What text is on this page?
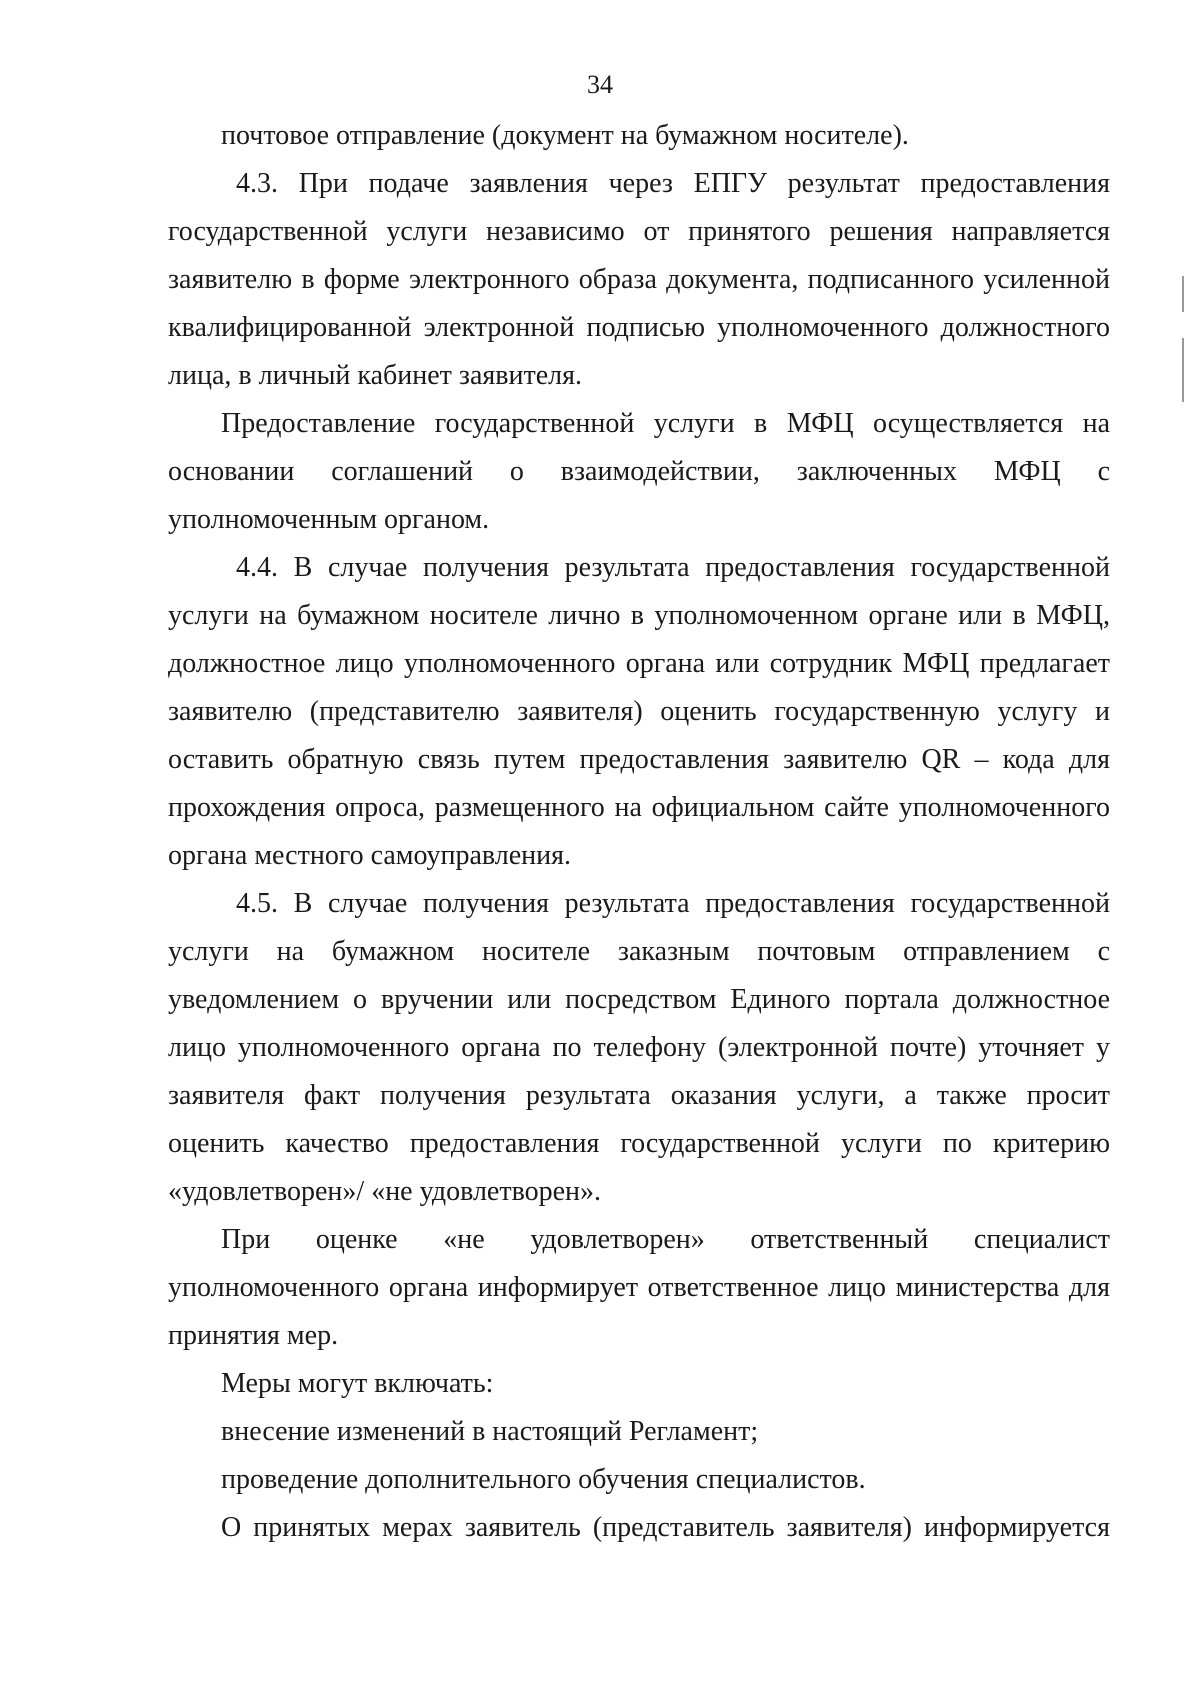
34
почтовое отправление (документ на бумажном носителе).
4.3. При подаче заявления через ЕПГУ результат предоставления
государственной услуги независимо от принятого решения направляется
заявителю в форме электронного образа документа, подписанного усиленной
квалифицированной электронной подписью уполномоченного должностного
лица, в личный кабинет заявителя.
Предоставление государственной услуги в МФЦ осуществляется на
основании соглашений о взаимодействии, заключенных МФЦ с
уполномоченным органом.
4.4. В случае получения результата предоставления государственной
услуги на бумажном носителе лично в уполномоченном органе или в МФЦ,
должностное лицо уполномоченного органа или сотрудник МФЦ предлагает
заявителю (представителю заявителя) оценить государственную услугу и
оставить обратную связь путем предоставления заявителю QR – кода для
прохождения опроса, размещенного на официальном сайте уполномоченного
органа местного самоуправления.
4.5. В случае получения результата предоставления государственной
услуги на бумажном носителе заказным почтовым отправлением с
уведомлением о вручении или посредством Единого портала должностное
лицо уполномоченного органа по телефону (электронной почте) уточняет у
заявителя факт получения результата оказания услуги, а также просит
оценить качество предоставления государственной услуги по критерию
«удовлетворен»/ «не удовлетворен».
При оценке «не удовлетворен» ответственный специалист
уполномоченного органа информирует ответственное лицо министерства для
принятия мер.
Меры могут включать:
внесение изменений в настоящий Регламент;
проведение дополнительного обучения специалистов.
О принятых мерах заявитель (представитель заявителя) информируется
